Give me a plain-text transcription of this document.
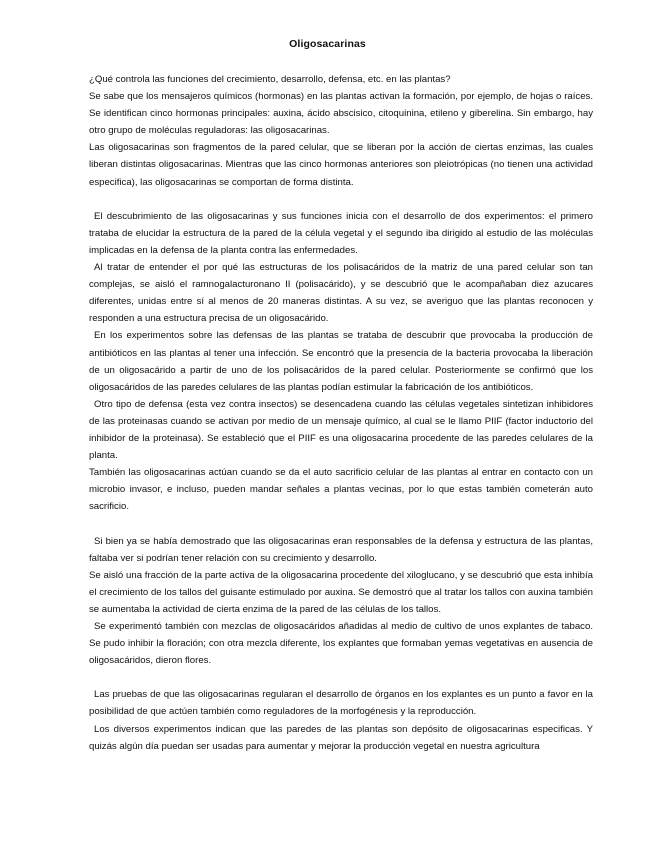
Oligosacarinas

¿Qué controla las funciones del crecimiento, desarrollo, defensa, etc. en las plantas?

Se sabe que los mensajeros químicos (hormonas) en las plantas activan la formación, por ejemplo, de hojas o raíces. Se identifican cinco hormonas principales: auxina, ácido abscisico, citoquinina, etileno y giberelina. Sin embargo, hay otro grupo de moléculas reguladoras: las oligosacarinas.

Las oligosacarinas son fragmentos de la pared celular, que se liberan por la acción de ciertas enzimas, las cuales liberan distintas oligosacarinas. Mientras que las cinco hormonas anteriores son pleiotrópicas (no tienen una actividad especifica), las oligosacarinas se comportan de forma distinta.

El descubrimiento de las oligosacarinas y sus funciones inicia con el desarrollo de dos experimentos: el primero trataba de elucidar la estructura de la pared de la célula vegetal y el segundo iba dirigido al estudio de las moléculas implicadas en la defensa de la planta contra las enfermedades.

Al tratar de entender el por qué las estructuras de los polisacáridos de la matriz de una pared celular son tan complejas, se aisló el ramnogalacturonano II (polisacárido), y se descubrió que le acompañaban diez azucares diferentes, unidas entre sí al menos de 20 maneras distintas. A su vez, se averiguo que las plantas reconocen y responden a una estructura precisa de un oligosacárido.

En los experimentos sobre las defensas de las plantas se trataba de descubrir que provocaba la producción de antibióticos en las plantas al tener una infección. Se encontró que la presencia de la bacteria provocaba la liberación de un oligosacárido a partir de uno de los polisacáridos de la pared celular. Posteriormente se confirmó que los oligosacáridos de las paredes celulares de las plantas podían estimular la fabricación de los antibióticos.

Otro tipo de defensa (esta vez contra insectos) se desencadena cuando las células vegetales sintetizan inhibidores de las proteinasas cuando se activan por medio de un mensaje químico, al cual se le llamo PIIF (factor inductorio del inhibidor de la proteinasa). Se estableció que el PIIF es una oligosacarina procedente de las paredes celulares de la planta.

También las oligosacarinas actúan cuando se da el auto sacrificio celular de las plantas al entrar en contacto con un microbio invasor, e incluso, pueden mandar señales a plantas vecinas, por lo que estas también cometerán auto sacrificio.

Si bien ya se había demostrado que las oligosacarinas eran responsables de la defensa y estructura de las plantas, faltaba ver si podrían tener relación con su crecimiento y desarrollo.

Se aisló una fracción de la parte activa de la oligosacarina procedente del xiloglucano, y se descubrió que esta inhibía el crecimiento de los tallos del guisante estimulado por auxina. Se demostró que al tratar los tallos con auxina también se aumentaba la actividad de cierta enzima de la pared de las células de los tallos.

Se experimentó también con mezclas de oligosacáridos añadidas al medio de cultivo de unos explantes de tabaco. Se pudo inhibir la floración; con otra mezcla diferente, los explantes que formaban yemas vegetativas en ausencia de oligosacáridos, dieron flores.

Las pruebas de que las oligosacarinas regularan el desarrollo de órganos en los explantes es un punto a favor en la posibilidad de que actúen también como reguladores de la morfogénesis y la reproducción.

Los diversos experimentos indican que las paredes de las plantas son depósito de oligosacarinas especificas. Y quizás algún día puedan ser usadas para aumentar y mejorar la producción vegetal en nuestra agricultura
